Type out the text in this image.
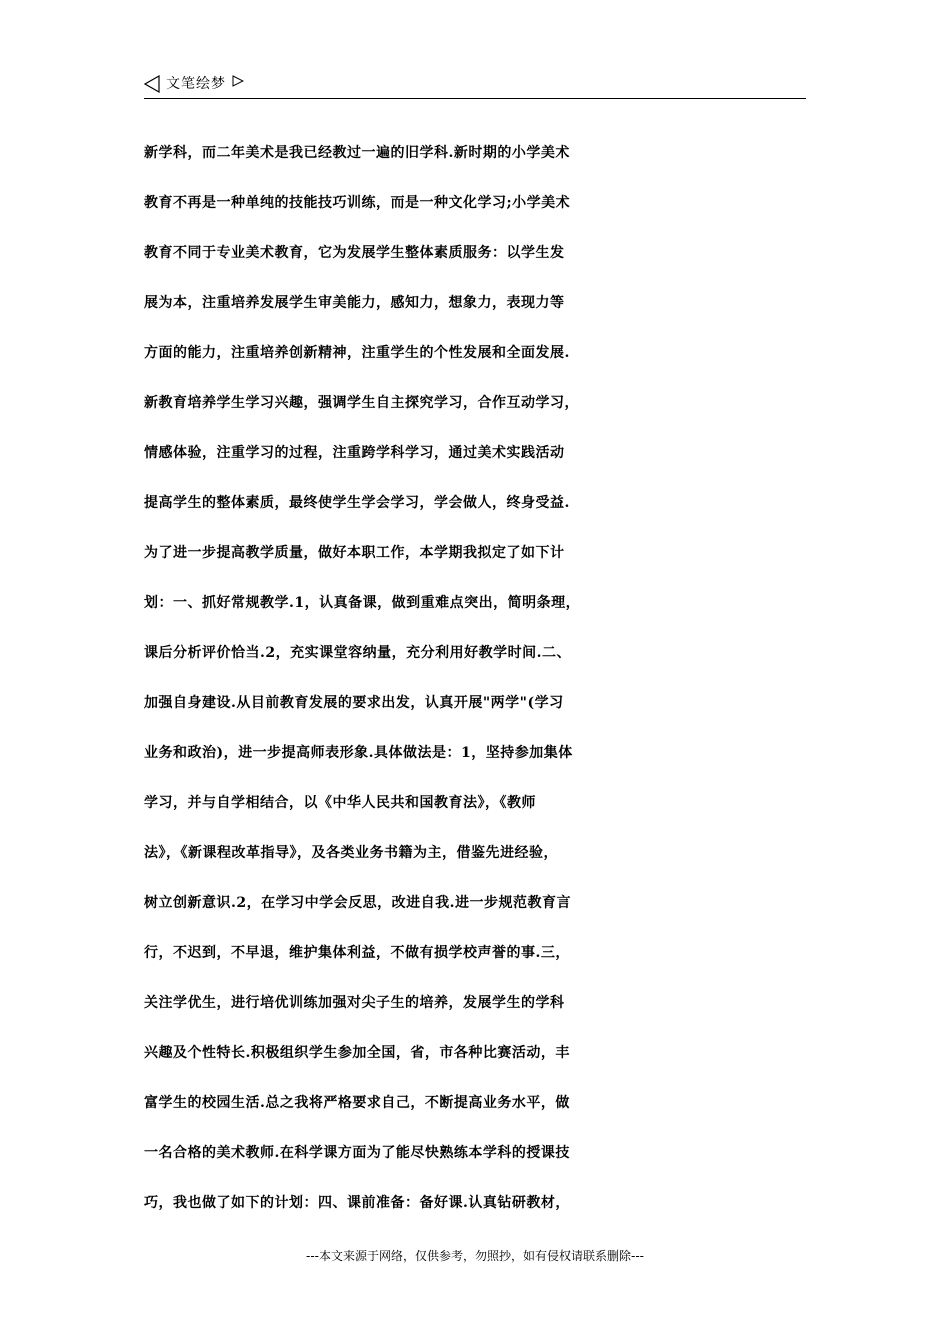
文笔绘梦
新学科，而二年美术是我已经教过一遍的旧学科.新时期的小学美术
教育不再是一种单纯的技能技巧训练，而是一种文化学习;小学美术
教育不同于专业美术教育，它为发展学生整体素质服务：以学生发
展为本，注重培养发展学生审美能力，感知力，想象力，表现力等
方面的能力，注重培养创新精神，注重学生的个性发展和全面发展.
新教育培养学生学习兴趣，强调学生自主探究学习，合作互动学习，
情感体验，注重学习的过程，注重跨学科学习，通过美术实践活动
提高学生的整体素质，最终使学生学会学习，学会做人，终身受益.
为了进一步提高教学质量，做好本职工作，本学期我拟定了如下计
划：一、抓好常规教学.1，认真备课，做到重难点突出，简明条理，
课后分析评价恰当.2，充实课堂容纳量，充分利用好教学时间.二、
加强自身建设.从目前教育发展的要求出发，认真开展"两学"(学习
业务和政治)，进一步提高师表形象.具体做法是：1，坚持参加集体
学习，并与自学相结合，以《中华人民共和国教育法》，《教师
法》，《新课程改革指导》，及各类业务书籍为主，借鉴先进经验，
树立创新意识.2，在学习中学会反思，改进自我.进一步规范教育言
行，不迟到，不早退，维护集体利益，不做有损学校声誉的事.三，
关注学优生，进行培优训练加强对尖子生的培养，发展学生的学科
兴趣及个性特长.积极组织学生参加全国，省，市各种比赛活动，丰
富学生的校园生活.总之我将严格要求自己，不断提高业务水平，做
一名合格的美术教师.在科学课方面为了能尽快熟练本学科的授课技
巧，我也做了如下的计划：四、课前准备：备好课.认真钻研教材，
---本文来源于网络，仅供参考，勿照抄，如有侵权请联系删除---
